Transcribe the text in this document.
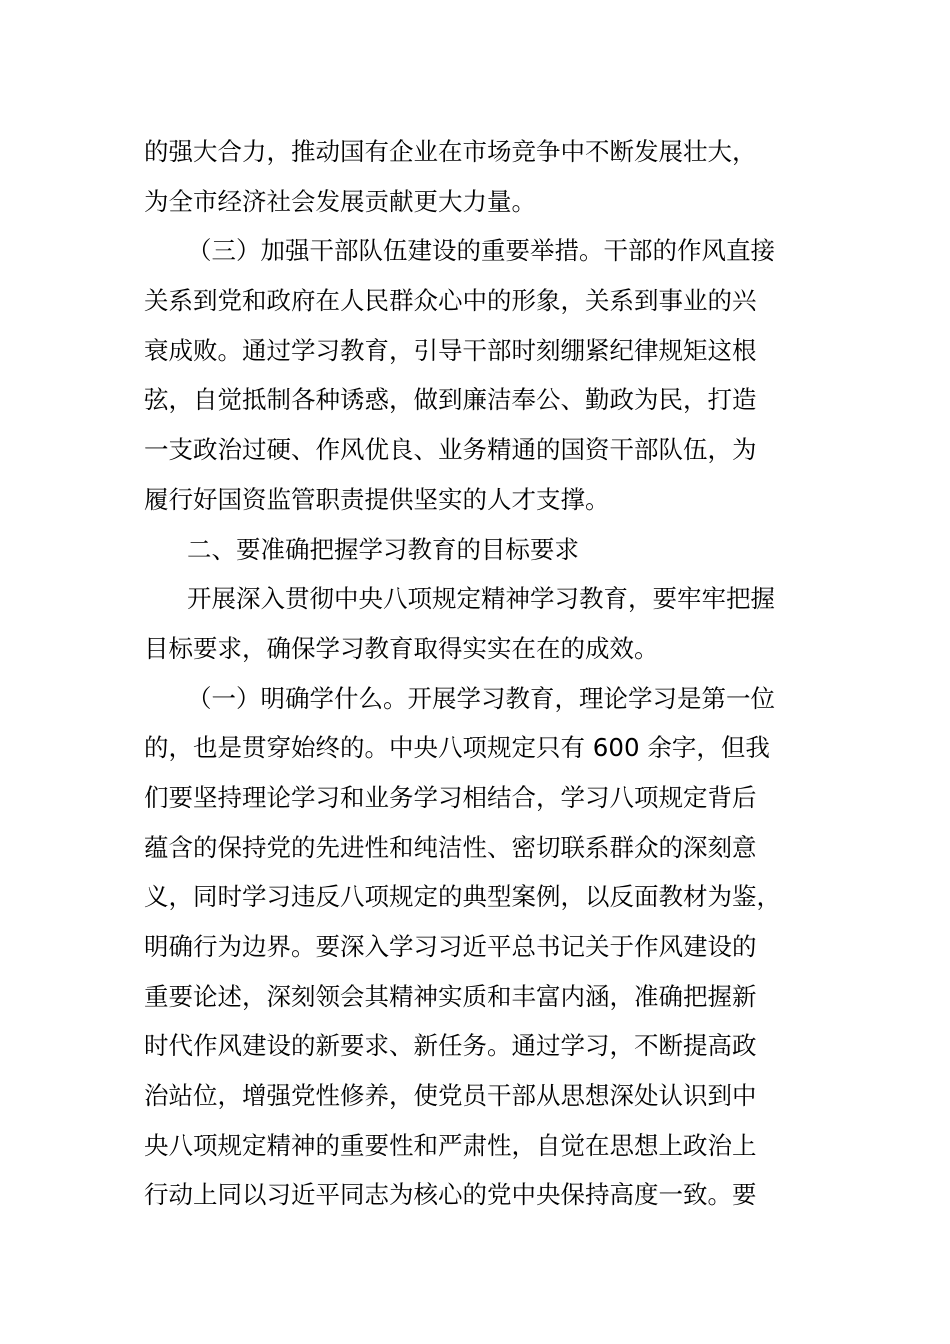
的强大合力，推动国有企业在市场竞争中不断发展壮大，
为全市经济社会发展贡献更大力量。
（三）加强干部队伍建设的重要举措。干部的作风直接
关系到党和政府在人民群众心中的形象，关系到事业的兴
衰成败。通过学习教育，引导干部时刻绷紧纪律规矩这根
弦，自觉抵制各种诱惑，做到廉洁奉公、勤政为民，打造
一支政治过硬、作风优良、业务精通的国资干部队伍，为
履行好国资监管职责提供坚实的人才支撑。
二、要准确把握学习教育的目标要求
开展深入贯彻中央八项规定精神学习教育，要牢牢把握
目标要求，确保学习教育取得实实在在的成效。
（一）明确学什么。开展学习教育，理论学习是第一位
的，也是贯穿始终的。中央八项规定只有 600 余字，但我
们要坚持理论学习和业务学习相结合，学习八项规定背后
蕴含的保持党的先进性和纯洁性、密切联系群众的深刻意
义，同时学习违反八项规定的典型案例，以反面教材为鉴，
明确行为边界。要深入学习习近平总书记关于作风建设的
重要论述，深刻领会其精神实质和丰富内涵，准确把握新
时代作风建设的新要求、新任务。通过学习，不断提高政
治站位，增强党性修养，使党员干部从思想深处认识到中
央八项规定精神的重要性和严肃性，自觉在思想上政治上
行动上同以习近平同志为核心的党中央保持高度一致。要
